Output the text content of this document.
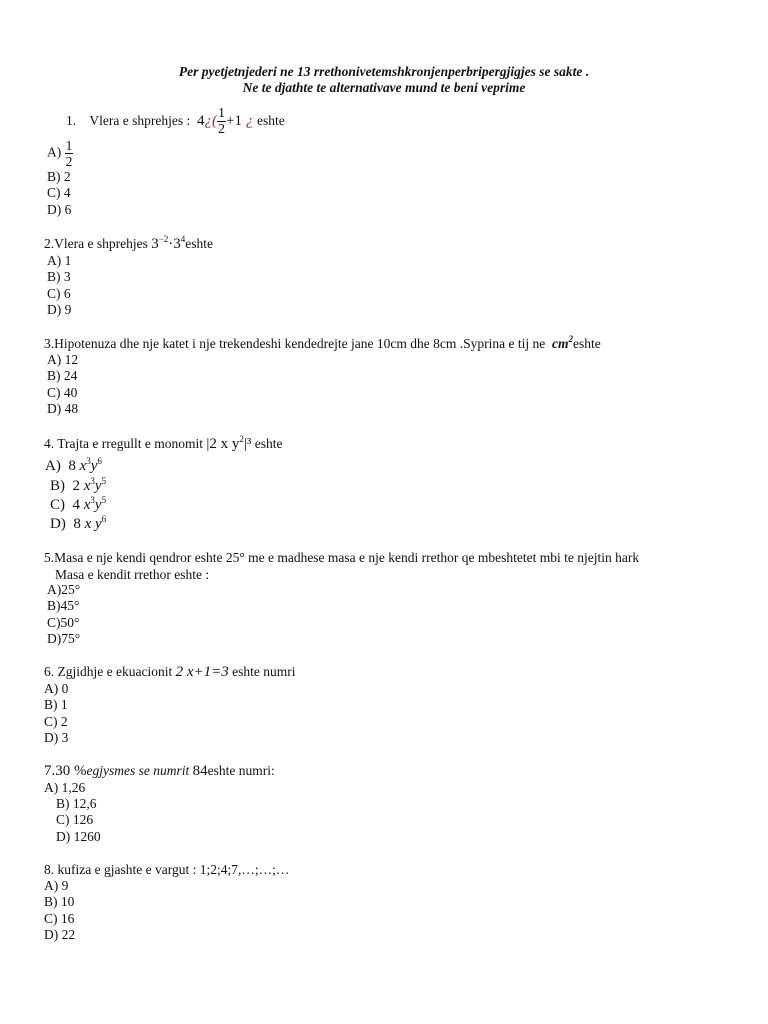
Per pyetjetnjederi ne 13 rrethonivetemshkronjenperbripergjigjes se sakte .
Ne te djathte te alternativave mund te beni veprime
1. Vlera e shprehjes : 4¿( $\frac{1}{2} +1$ ¿ eshte
$A) \frac{1}{2}$
B) 2
C) 4
D) 6
2.Vlera e shprehjes $3^{-2}\cdot 3^4eshte$
A) 1
B) 3
C) 6
D) 9
3.Hipotenuza dhe nje katet i nje trekendeshi kendedrejte jane 10cm dhe 8cm .Syprina e tij ne $cm^2eshte$
A) 12
B) 24
C) 40
D) 48
4. Trajta e rregullt e monomit |2 x $y^2|^3$ eshte
A) 8 $x^3y^6$
B) 2 $x^3y^5$
C) 4 $x^3y^5$
D) 8 x $y^6$
5.Masa e nje kendi qendror eshte 25° me e madhese masa e nje kendi rrethor qe mbeshtetet mbi te njejtin hark
Masa e kendit rrethor eshte :
A)25°
B)45°
C)50°
D)75°
6. Zgjidhje e ekuacionit 2 x+1=3 eshte numri
A) 0
B) 1
C) 2
D) 3
7.30 %egjysmes se numrit 84eshte numri:
A) 1,26
B) 12,6
C) 126
D) 1260
8. kufiza e gjashte e vargut : 1;2;4;7,…;…;…
A) 9
B) 10
C) 16
D) 22
